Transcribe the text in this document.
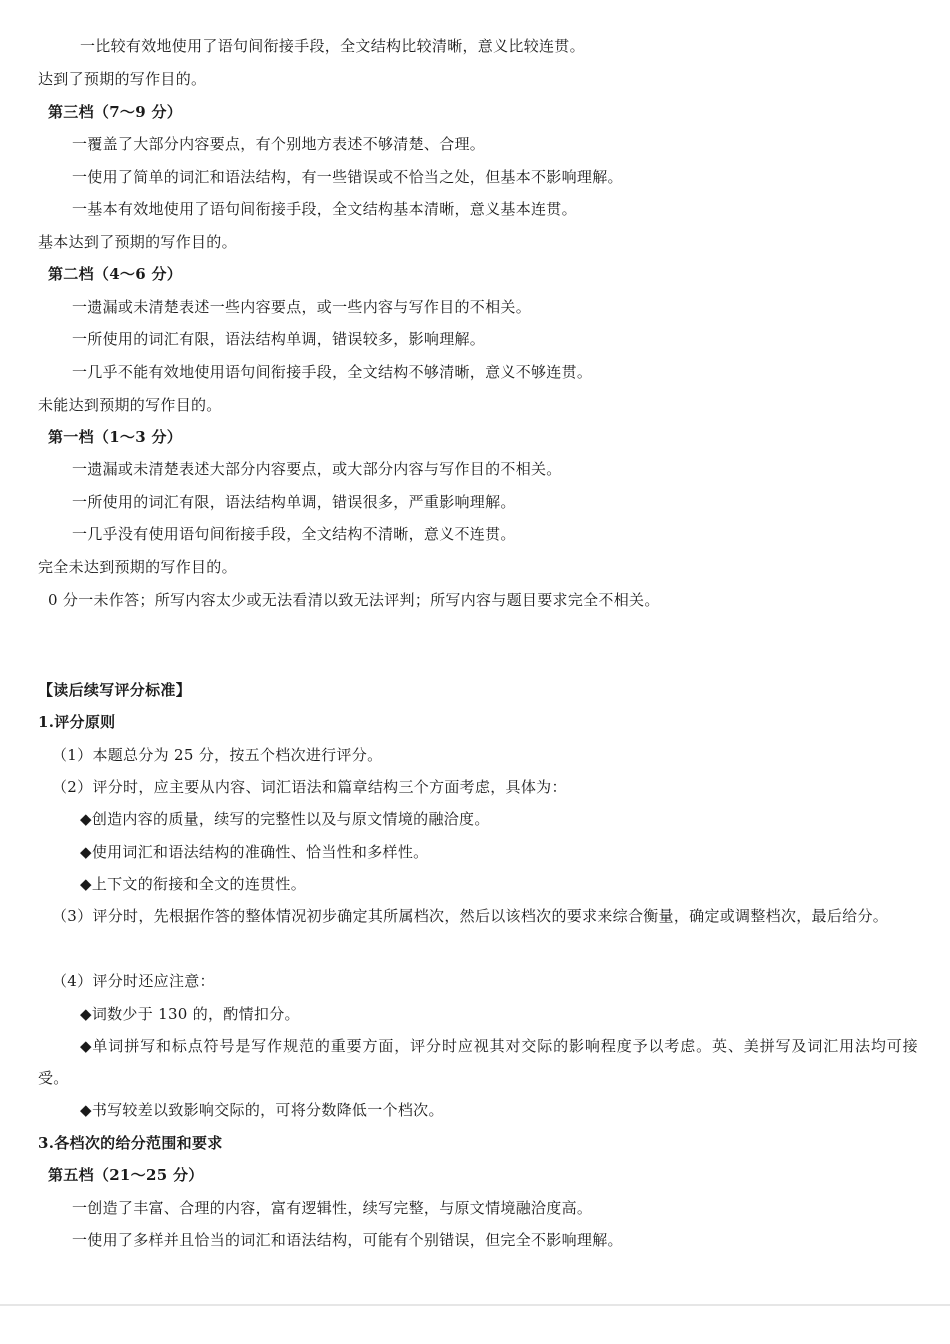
一比较有效地使用了语句间衔接手段，全文结构比较清晰，意义比较连贯。
达到了预期的写作目的。
第三档（7～9 分）
一覆盖了大部分内容要点，有个别地方表述不够清楚、合理。
一使用了简单的词汇和语法结构，有一些错误或不恰当之处，但基本不影响理解。
一基本有效地使用了语句间衔接手段，全文结构基本清晰，意义基本连贯。
基本达到了预期的写作目的。
第二档（4～6 分）
一遗漏或未清楚表述一些内容要点，或一些内容与写作目的不相关。
一所使用的词汇有限，语法结构单调，错误较多，影响理解。
一几乎不能有效地使用语句间衔接手段，全文结构不够清晰，意义不够连贯。
未能达到预期的写作目的。
第一档（1～3 分）
一遗漏或未清楚表述大部分内容要点，或大部分内容与写作目的不相关。
一所使用的词汇有限，语法结构单调，错误很多，严重影响理解。
一几乎没有使用语句间衔接手段，全文结构不清晰，意义不连贯。
完全未达到预期的写作目的。
0 分一未作答；所写内容太少或无法看清以致无法评判；所写内容与题目要求完全不相关。
【读后续写评分标准】
1.评分原则
（1）本题总分为 25 分，按五个档次进行评分。
（2）评分时，应主要从内容、词汇语法和篇章结构三个方面考虑，具体为：
◆创造内容的质量，续写的完整性以及与原文情境的融洽度。
◆使用词汇和语法结构的准确性、恰当性和多样性。
◆上下文的衔接和全文的连贯性。
（3）评分时，先根据作答的整体情况初步确定其所属档次，然后以该档次的要求来综合衡量，确定或调整档次，最后给分。
（4）评分时还应注意：
◆词数少于 130 的，酌情扣分。
◆单词拼写和标点符号是写作规范的重要方面，评分时应视其对交际的影响程度予以考虑。英、美拼写及词汇用法均可接受。
◆书写较差以致影响交际的，可将分数降低一个档次。
3.各档次的给分范围和要求
第五档（21～25 分）
一创造了丰富、合理的内容，富有逻辑性，续写完整，与原文情境融洽度高。
一使用了多样并且恰当的词汇和语法结构，可能有个别错误，但完全不影响理解。
